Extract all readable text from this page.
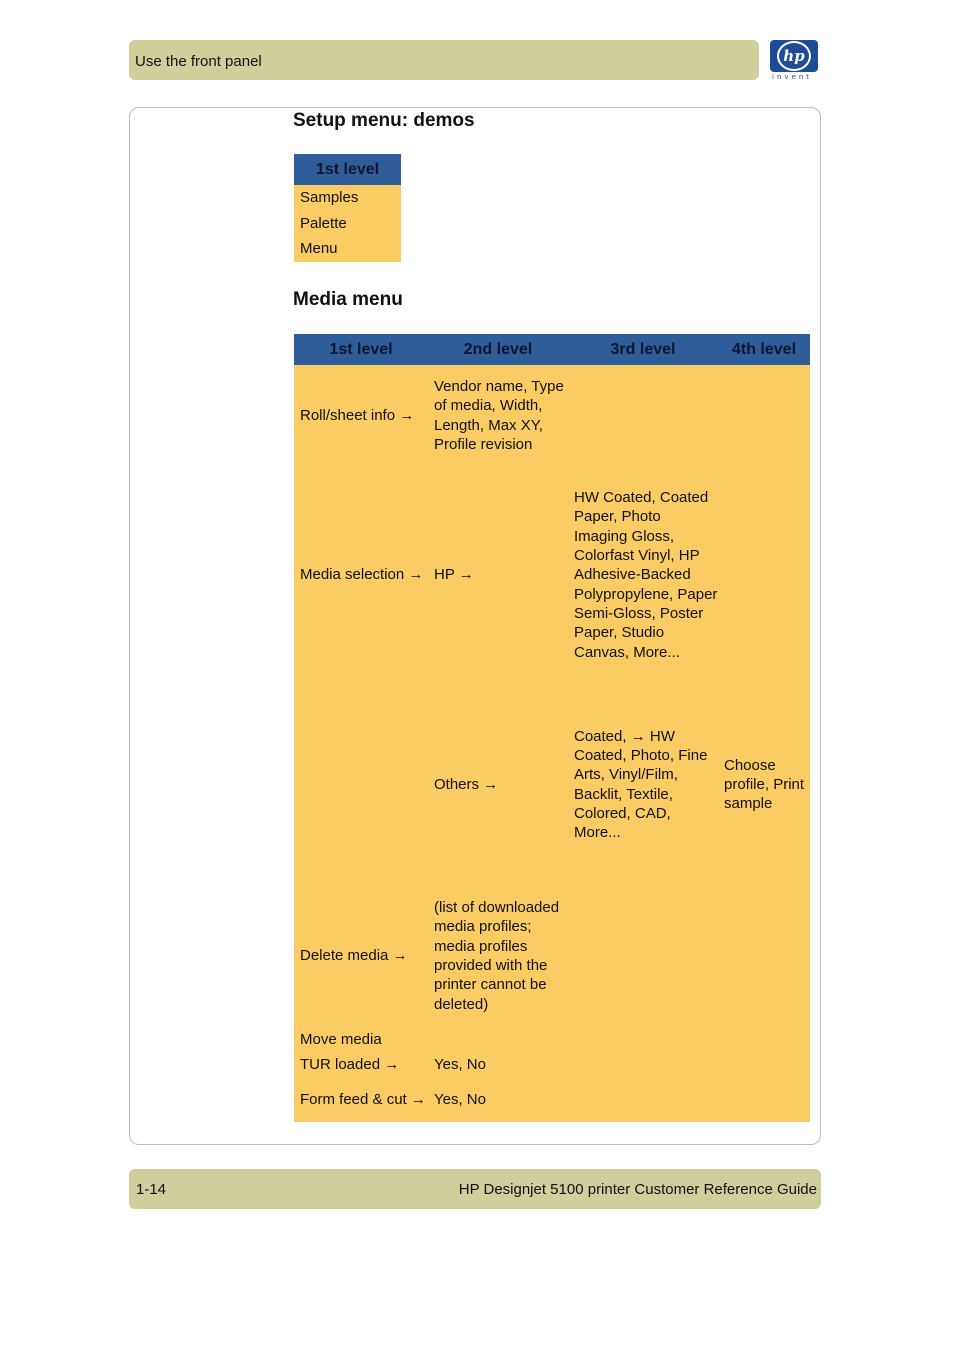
Use the front panel	hp
invent
Setup menu: demos
1st level
Samples
Palette
Menu
Media menu
1st level	2nd level	3rd level	4th level
Roll/sheet info →	Vendor name, Type of media, Width, Length, Max XY, Profile revision		
Media selection →	HP →	HW Coated, Coated Paper, Photo Imaging Gloss, Colorfast Vinyl, HP Adhesive-Backed Polypropylene, Paper Semi-Gloss, Poster Paper, Studio Canvas, More...	
	Others →	Coated, → HW Coated, Photo, Fine Arts, Vinyl/Film, Backlit, Textile, Colored, CAD, More...	Choose profile, Print sample
Delete media →	(list of downloaded media profiles; media profiles provided with the printer cannot be deleted)		
Move media			
TUR loaded →	Yes, No		
Form feed & cut →	Yes, No		
1-14	HP Designjet 5100 printer Customer Reference Guide
